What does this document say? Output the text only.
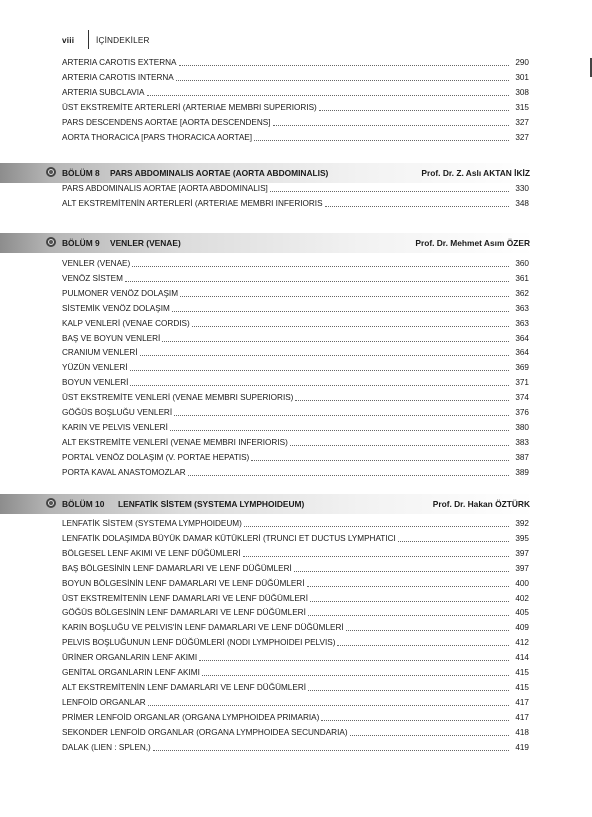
viii	İÇİNDEKİLER
ARTERIA CAROTIS EXTERNA	290
ARTERIA CAROTIS INTERNA	301
ARTERIA SUBCLAVIA	308
ÜST EKSTREMİTE ARTERLERİ (ARTERIAE MEMBRI SUPERIORIS)	315
PARS DESCENDENS AORTAE [AORTA DESCENDENS]	327
AORTA THORACICA [PARS THORACICA AORTAE]	327
BÖLÜM 8 PARS ABDOMINALIS AORTAE (AORTA ABDOMINALIS)	Prof. Dr. Z. Aslı AKTAN İKİZ
PARS ABDOMINALIS AORTAE [AORTA ABDOMINALIS]	330
ALT EKSTREMİTENİN ARTERLERİ (ARTERIAE MEMBRI INFERIORIS	348
BÖLÜM 9 VENLER (VENAE)	Prof. Dr. Mehmet Asım ÖZER
VENLER (VENAE)	360
VENÖZ SİSTEM	361
PULMONER VENÖZ DOLAŞIM	362
SİSTEMİK VENÖZ DOLAŞIM	363
KALP VENLERİ (VENAE CORDIS)	363
BAŞ VE BOYUN VENLERİ	364
CRANIUM VENLERİ	364
YÜZÜN VENLERİ	369
BOYUN VENLERİ	371
ÜST EKSTREMİTE VENLERİ (VENAE MEMBRI SUPERIORIS)	374
GÖĞÜS BOŞLUĞU VENLERİ	376
KARIN VE PELVIS VENLERİ	380
ALT EKSTREMİTE VENLERİ (VENAE MEMBRI INFERIORIS)	383
PORTAL VENÖZ DOLAŞIM (V. PORTAE HEPATIS)	387
PORTA KAVAL ANASTOMOZLAR	389
BÖLÜM 10 LENFATİK SİSTEM (SYSTEMA LYMPHOIDEUM)	Prof. Dr. Hakan ÖZTÜRK
LENFATİK SİSTEM (SYSTEMA LYMPHOIDEUM)	392
LENFATİK DOLAŞIMDA BÜYÜK DAMAR KÜTÜKLERİ (TRUNCI ET DUCTUS LYMPHATICI	395
BÖLGESEL LENF AKIMI VE LENF DÜĞÜMLERİ	397
BAŞ BÖLGESİNİN LENF DAMARLARI VE LENF DÜĞÜMLERİ	397
BOYUN BÖLGESİNİN LENF DAMARLARI VE LENF DÜĞÜMLERİ	400
ÜST EKSTREMİTENİN LENF DAMARLARI VE LENF DÜĞÜMLERİ	402
GÖĞÜS BÖLGESİNİN LENF DAMARLARI VE LENF DÜĞÜMLERİ	405
KARIN BOŞLUĞU VE PELVIS'İN LENF DAMARLARI VE LENF DÜĞÜMLERİ	409
PELVIS BOŞLUĞUNUN LENF DÜĞÜMLERİ (NODI LYMPHOIDEI PELVIS)	412
ÜRİNER ORGANLARIN LENF AKIMI	414
GENİTAL ORGANLARIN LENF AKIMI	415
ALT EKSTREMİTENİN LENF DAMARLARI VE LENF DÜĞÜMLERİ	415
LENFOİD ORGANLAR	417
PRİMER LENFOİD ORGANLAR (ORGANA LYMPHOIDEA PRIMARIA)	417
SEKONDER LENFOİD ORGANLAR (ORGANA LYMPHOIDEA SECUNDARIA)	418
DALAK (LIEN : SPLEN,)	419
